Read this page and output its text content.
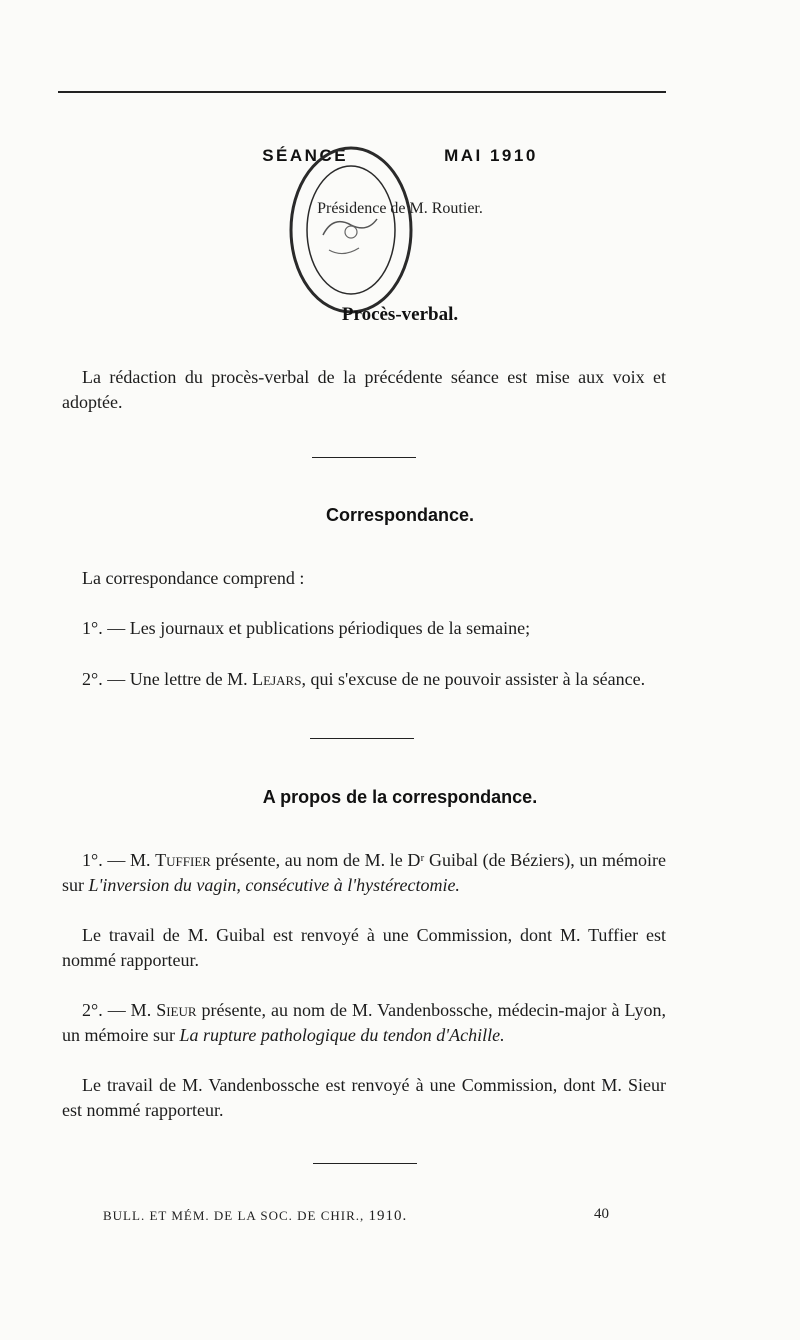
SÉANCE	MAI 1910
Présidence de M. Routier.
Procès-verbal.
La rédaction du procès-verbal de la précédente séance est mise aux voix et adoptée.
Correspondance.
La correspondance comprend :
1°. — Les journaux et publications périodiques de la semaine;
2°. — Une lettre de M. Lejars, qui s'excuse de ne pouvoir assister à la séance.
A propos de la correspondance.
1°. — M. Tuffier présente, au nom de M. le Dʳ Guibal (de Béziers), un mémoire sur L'inversion du vagin, consécutive à l'hystérectomie.
Le travail de M. Guibal est renvoyé à une Commission, dont M. Tuffier est nommé rapporteur.
2°. — M. Sieur présente, au nom de M. Vandenbossche, médecin-major à Lyon, un mémoire sur La rupture pathologique du tendon d'Achille.
Le travail de M. Vandenbossche est renvoyé à une Commission, dont M. Sieur est nommé rapporteur.
BULL. ET MÉM. DE LA SOC. DE CHIR., 1910.	40
